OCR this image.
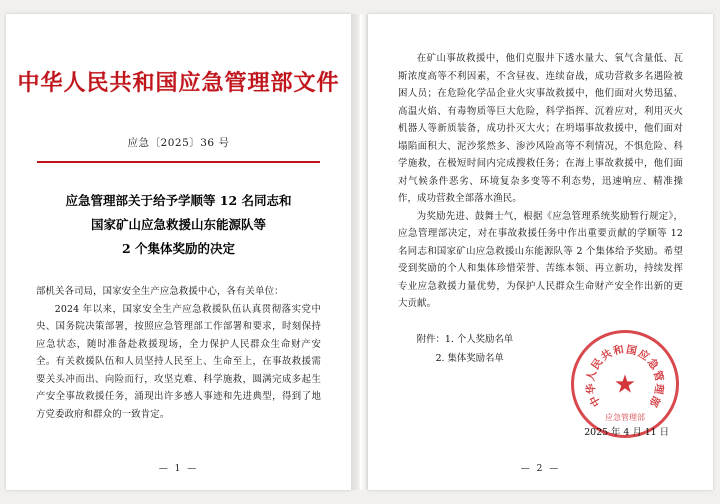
中华人民共和国应急管理部文件
应急〔2025〕36 号
应急管理部关于给予学顺等 12 名同志和
国家矿山应急救援山东能源队等
2 个集体奖励的决定

部机关各司局，国家安全生产应急救援中心，各有关单位：

2024 年以来，国家安全生产应急救援队伍认真贯彻落实党中央、国务院决策部署，按照应急管理部工作部署和要求，时刻保持应急状态，随时准备赴救援现场，全力保护人民群众生命财产安全。有关救援队伍和人员坚持人民至上、生命至上，在事故救援需要关头冲而出、向险而行，攻坚克难、科学施救，圆满完成多起生产安全事故救援任务，涌现出许多感人事迹和先进典型，得到了地方党委政府和群众的一致肯定。

— 1 —

在矿山事故救援中，他们克服井下透水量大、氧气含量低、瓦斯浓度高等不利因素，不含昼夜、连续奋战，成功营救多名遇险被困人员；在危险化学品企业火灾事故救援中，他们面对火势迅猛、高温火焰、有毒物质等巨大危险，科学指挥、沉着应对，利用灭火机器人等新质装备，成功扑灭大火；在坍塌事故救援中，他们面对塌陷面积大、泥沙浆然多、渗沙风险高等不利情况，不惧危险、科学施救，在极短时间内完成搜救任务；在海上事故救援中，他们面对气候条件恶劣、环境复杂多变等不利态势，迅速响应、精准操作，成功营救全部落水渔民。

为奖励先进、鼓舞士气，根据《应急管理系统奖励暂行规定》，应急管理部决定，对在事故救援任务中作出重要贡献的学顺等 12 名同志和国家矿山应急救援山东能源队等 2 个集体给予奖励。希望受到奖励的个人和集体珍惜荣誉、苦练本领、再立新功，持续发挥专业应急救援力量优势，为保护人民群众生命财产安全作出新的更大贡献。

附件：1. 个人奖励名单
2. 集体奖励名单
中
华
人
民
共
和 国
应
急
管
理
部
★
应急管理部
2025 年 4 月 11 日
— 2 —
